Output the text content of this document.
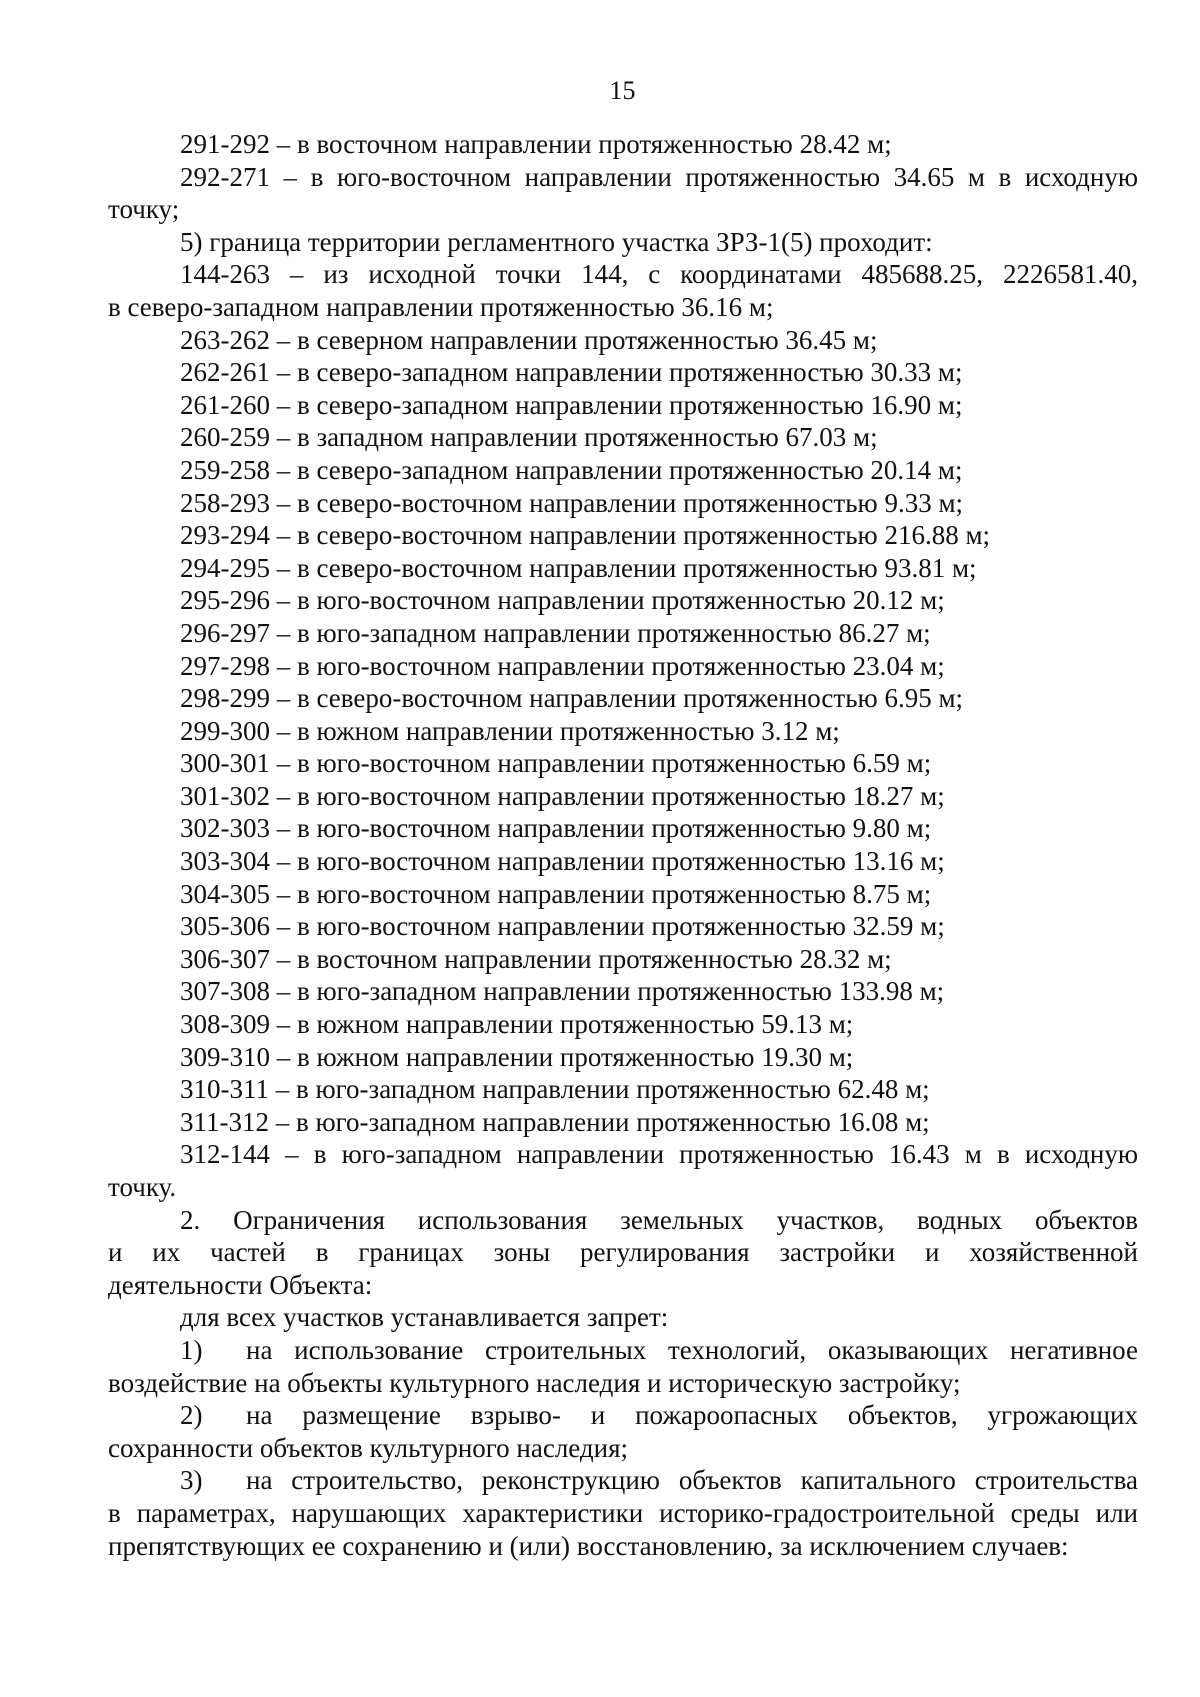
15
291-292 – в восточном направлении протяженностью 28.42 м;
292-271 – в юго-восточном направлении протяженностью 34.65 м в исходную
точку;
5) граница территории регламентного участка ЗРЗ-1(5) проходит:
144-263 – из исходной точки 144, с координатами 485688.25, 2226581.40,
в северо-западном направлении протяженностью 36.16 м;
263-262 – в северном направлении протяженностью 36.45 м;
262-261 – в северо-западном направлении протяженностью 30.33 м;
261-260 – в северо-западном направлении протяженностью 16.90 м;
260-259 – в западном направлении протяженностью 67.03 м;
259-258 – в северо-западном направлении протяженностью 20.14 м;
258-293 – в северо-восточном направлении протяженностью 9.33 м;
293-294 – в северо-восточном направлении протяженностью 216.88 м;
294-295 – в северо-восточном направлении протяженностью 93.81 м;
295-296 – в юго-восточном направлении протяженностью 20.12 м;
296-297 – в юго-западном направлении протяженностью 86.27 м;
297-298 – в юго-восточном направлении протяженностью 23.04 м;
298-299 – в северо-восточном направлении протяженностью 6.95 м;
299-300 – в южном направлении протяженностью 3.12 м;
300-301 – в юго-восточном направлении протяженностью 6.59 м;
301-302 – в юго-восточном направлении протяженностью 18.27 м;
302-303 – в юго-восточном направлении протяженностью 9.80 м;
303-304 – в юго-восточном направлении протяженностью 13.16 м;
304-305 – в юго-восточном направлении протяженностью 8.75 м;
305-306 – в юго-восточном направлении протяженностью 32.59 м;
306-307 – в восточном направлении протяженностью 28.32 м;
307-308 – в юго-западном направлении протяженностью 133.98 м;
308-309 – в южном направлении протяженностью 59.13 м;
309-310 – в южном направлении протяженностью 19.30 м;
310-311 – в юго-западном направлении протяженностью 62.48 м;
311-312 – в юго-западном направлении протяженностью 16.08 м;
312-144 – в юго-западном направлении протяженностью 16.43 м в исходную
точку.
2. Ограничения использования земельных участков, водных объектов
и их частей в границах зоны регулирования застройки и хозяйственной
деятельности Объекта:
для всех участков устанавливается запрет:
1)	на использование строительных технологий, оказывающих негативное
воздействие на объекты культурного наследия и историческую застройку;
2)	на размещение взрыво- и пожароопасных объектов, угрожающих
сохранности объектов культурного наследия;
3)	на строительство, реконструкцию объектов капитального строительства
в параметрах, нарушающих характеристики историко-градостроительной среды или
препятствующих ее сохранению и (или) восстановлению, за исключением случаев:
